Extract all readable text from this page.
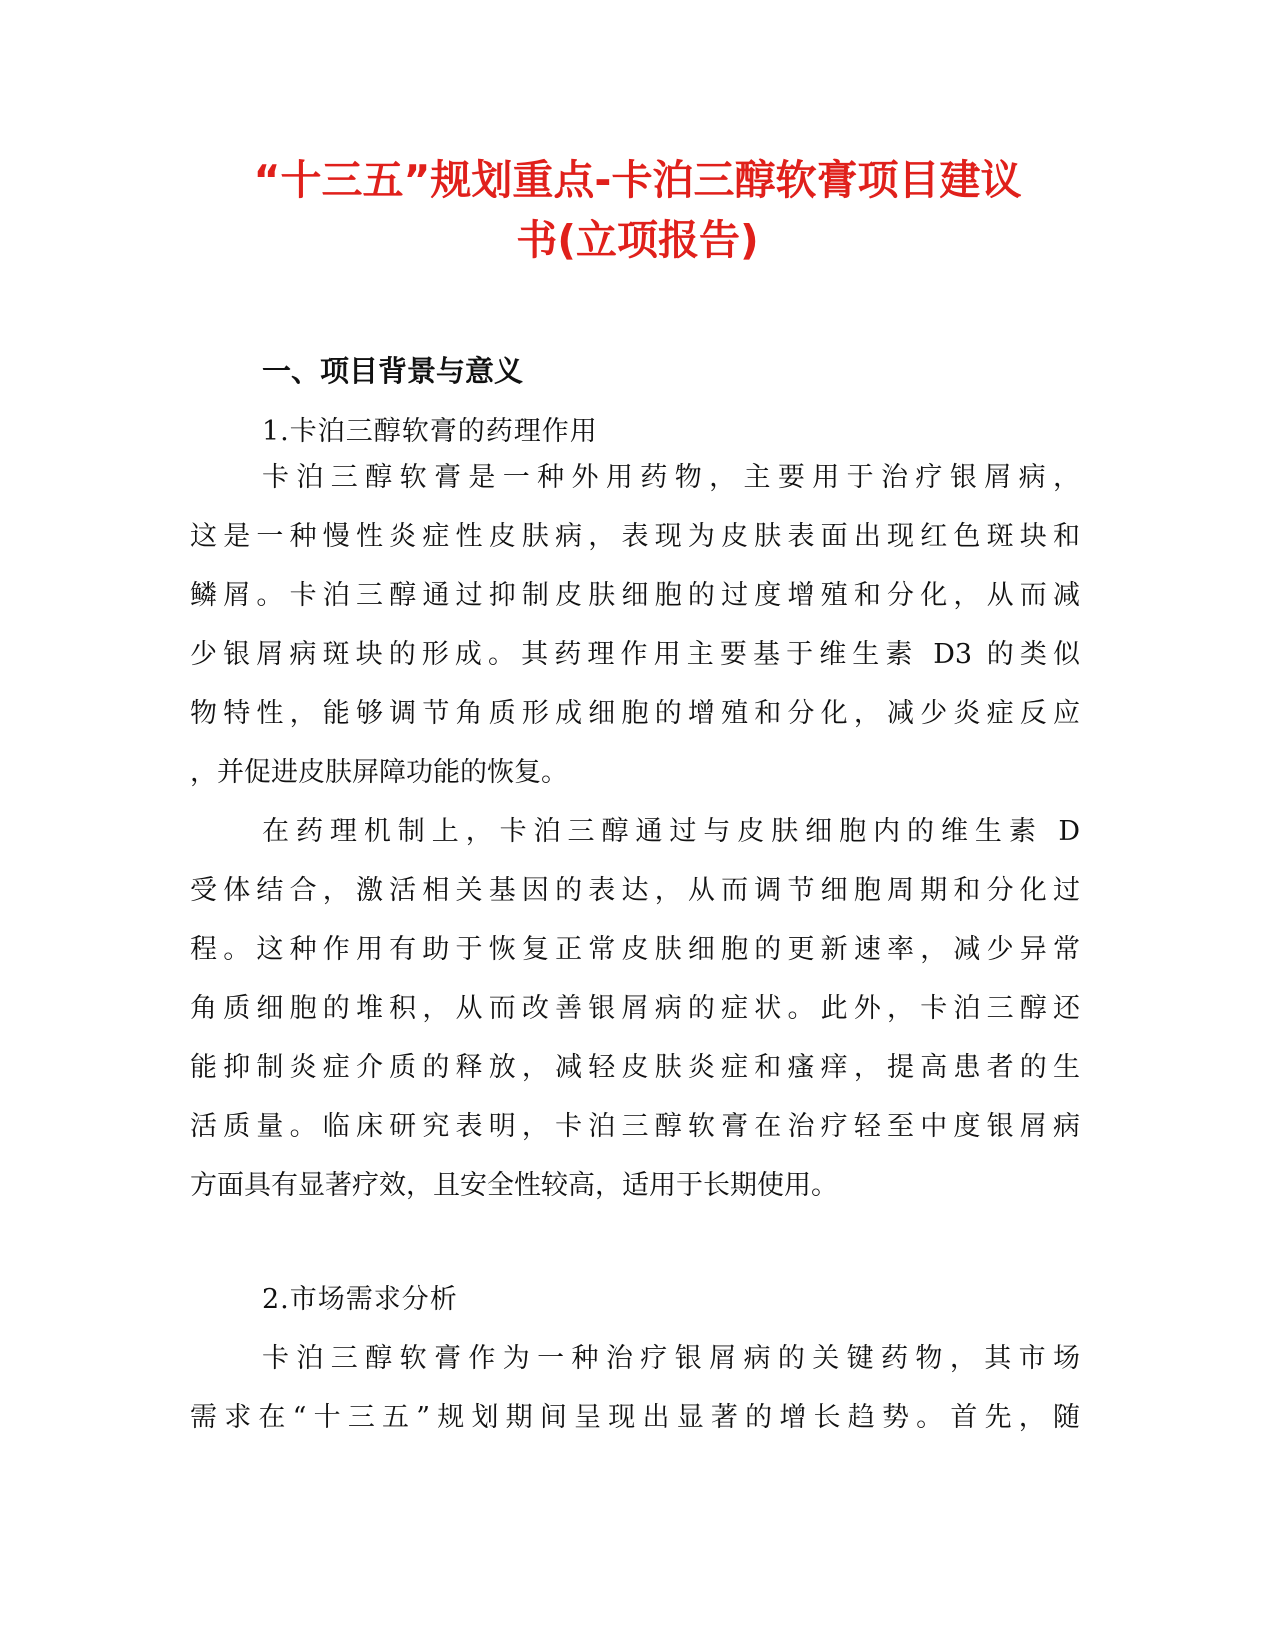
“十三五”规划重点-卡泊三醇软膏项目建议
书(立项报告)
一、项目背景与意义
1.卡泊三醇软膏的药理作用
卡泊三醇软膏是一种外用药物，主要用于治疗银屑病，
这是一种慢性炎症性皮肤病，表现为皮肤表面出现红色斑块和
鳞屑。卡泊三醇通过抑制皮肤细胞的过度增殖和分化，从而减
少银屑病斑块的形成。其药理作用主要基于维生素 D3 的类似
物特性，能够调节角质形成细胞的增殖和分化，减少炎症反应
，并促进皮肤屏障功能的恢复。
在药理机制上，卡泊三醇通过与皮肤细胞内的维生素 D
受体结合，激活相关基因的表达，从而调节细胞周期和分化过
程。这种作用有助于恢复正常皮肤细胞的更新速率，减少异常
角质细胞的堆积，从而改善银屑病的症状。此外，卡泊三醇还
能抑制炎症介质的释放，减轻皮肤炎症和瘙痒，提高患者的生
活质量。临床研究表明，卡泊三醇软膏在治疗轻至中度银屑病
方面具有显著疗效，且安全性较高，适用于长期使用。
2.市场需求分析
卡泊三醇软膏作为一种治疗银屑病的关键药物，其市场
需求在“十三五”规划期间呈现出显著的增长趋势。首先，随
